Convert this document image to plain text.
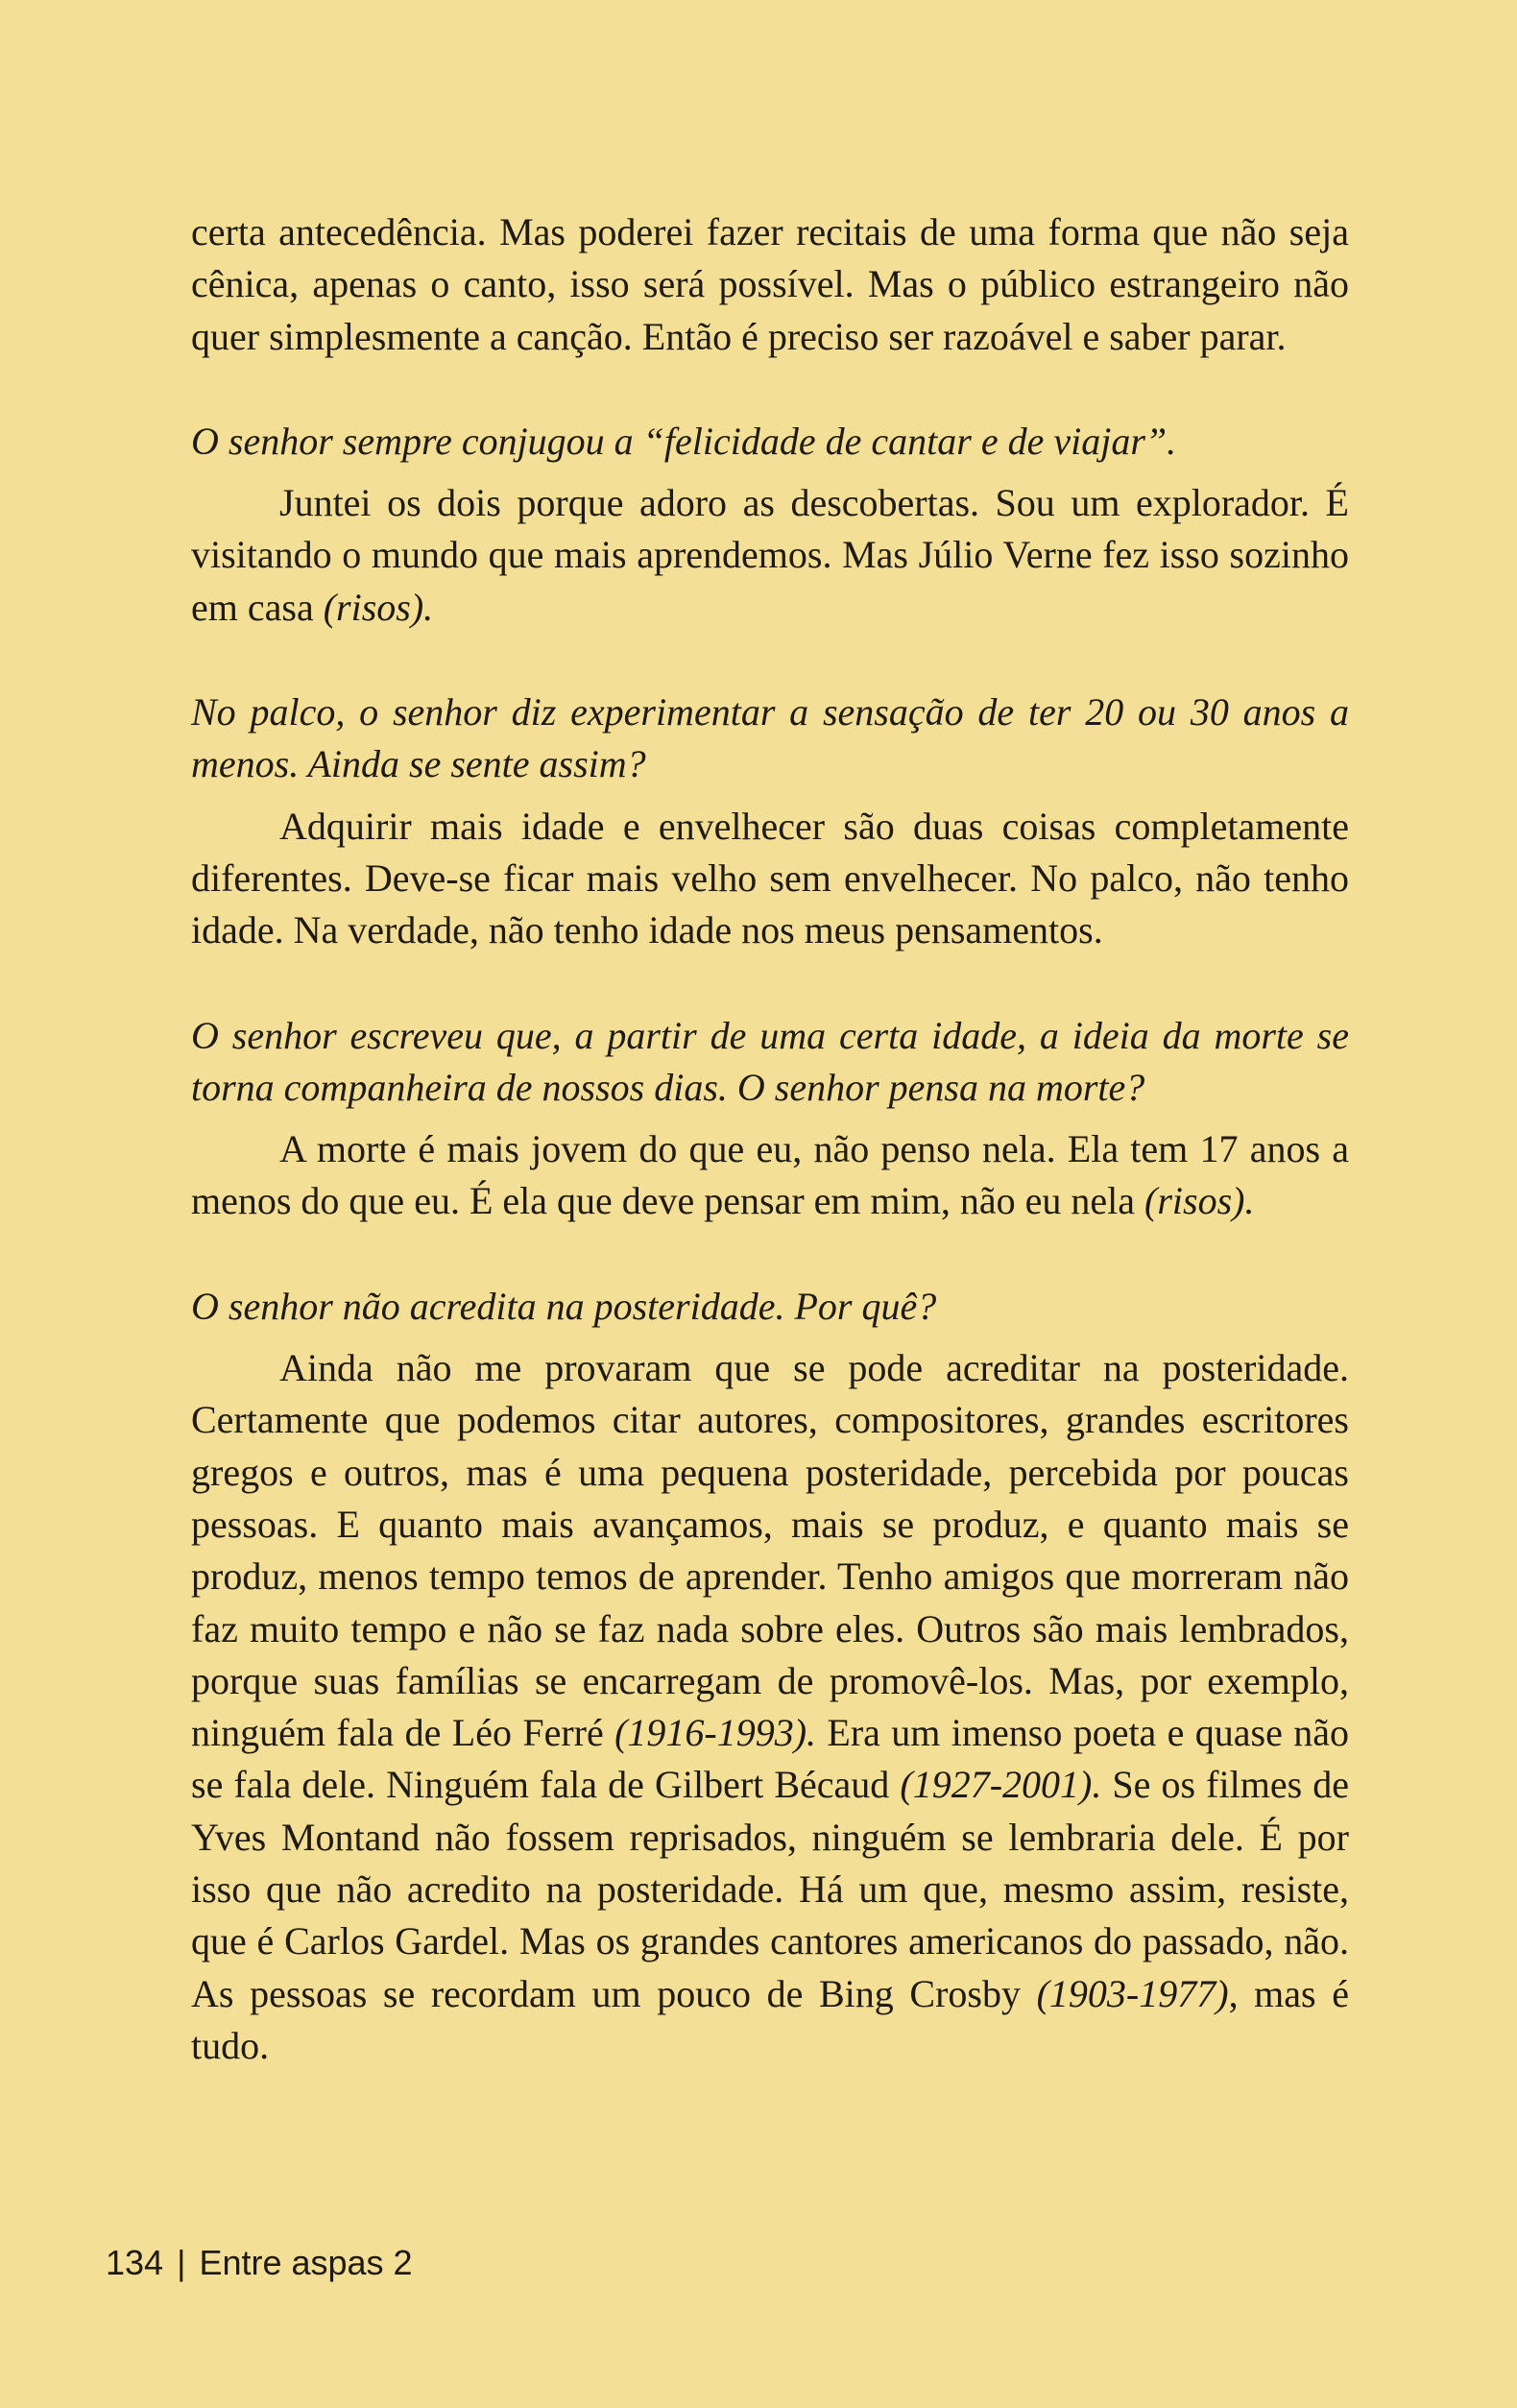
certa antecedência. Mas poderei fazer recitais de uma forma que não seja cênica, apenas o canto, isso será possível. Mas o público estrangeiro não quer simplesmente a canção. Então é preciso ser razoável e saber parar.

O senhor sempre conjugou a “felicidade de cantar e de viajar”.

Juntei os dois porque adoro as descobertas. Sou um explorador. É visitando o mundo que mais aprendemos. Mas Júlio Verne fez isso sozinho em casa (risos).

No palco, o senhor diz experimentar a sensação de ter 20 ou 30 anos a menos. Ainda se sente assim?

Adquirir mais idade e envelhecer são duas coisas completamente diferentes. Deve-se ficar mais velho sem envelhecer. No palco, não tenho idade. Na verdade, não tenho idade nos meus pensamentos.

O senhor escreveu que, a partir de uma certa idade, a ideia da morte se torna companheira de nossos dias. O senhor pensa na morte?

A morte é mais jovem do que eu, não penso nela. Ela tem 17 anos a menos do que eu. É ela que deve pensar em mim, não eu nela (risos).

O senhor não acredita na posteridade. Por quê?

Ainda não me provaram que se pode acreditar na posteridade. Certamente que podemos citar autores, compositores, grandes escritores gregos e outros, mas é uma pequena posteridade, percebida por poucas pessoas. E quanto mais avançamos, mais se produz, e quanto mais se produz, menos tempo temos de aprender. Tenho amigos que morreram não faz muito tempo e não se faz nada sobre eles. Outros são mais lembrados, porque suas famílias se encarregam de promovê-los. Mas, por exemplo, ninguém fala de Léo Ferré (1916-1993). Era um imenso poeta e quase não se fala dele. Ninguém fala de Gilbert Bécaud (1927-2001). Se os filmes de Yves Montand não fossem reprisados, ninguém se lembraria dele. É por isso que não acredito na posteridade. Há um que, mesmo assim, resiste, que é Carlos Gardel. Mas os grandes cantores americanos do passado, não. As pessoas se recordam um pouco de Bing Crosby (1903-1977), mas é tudo.

134 | Entre aspas 2
